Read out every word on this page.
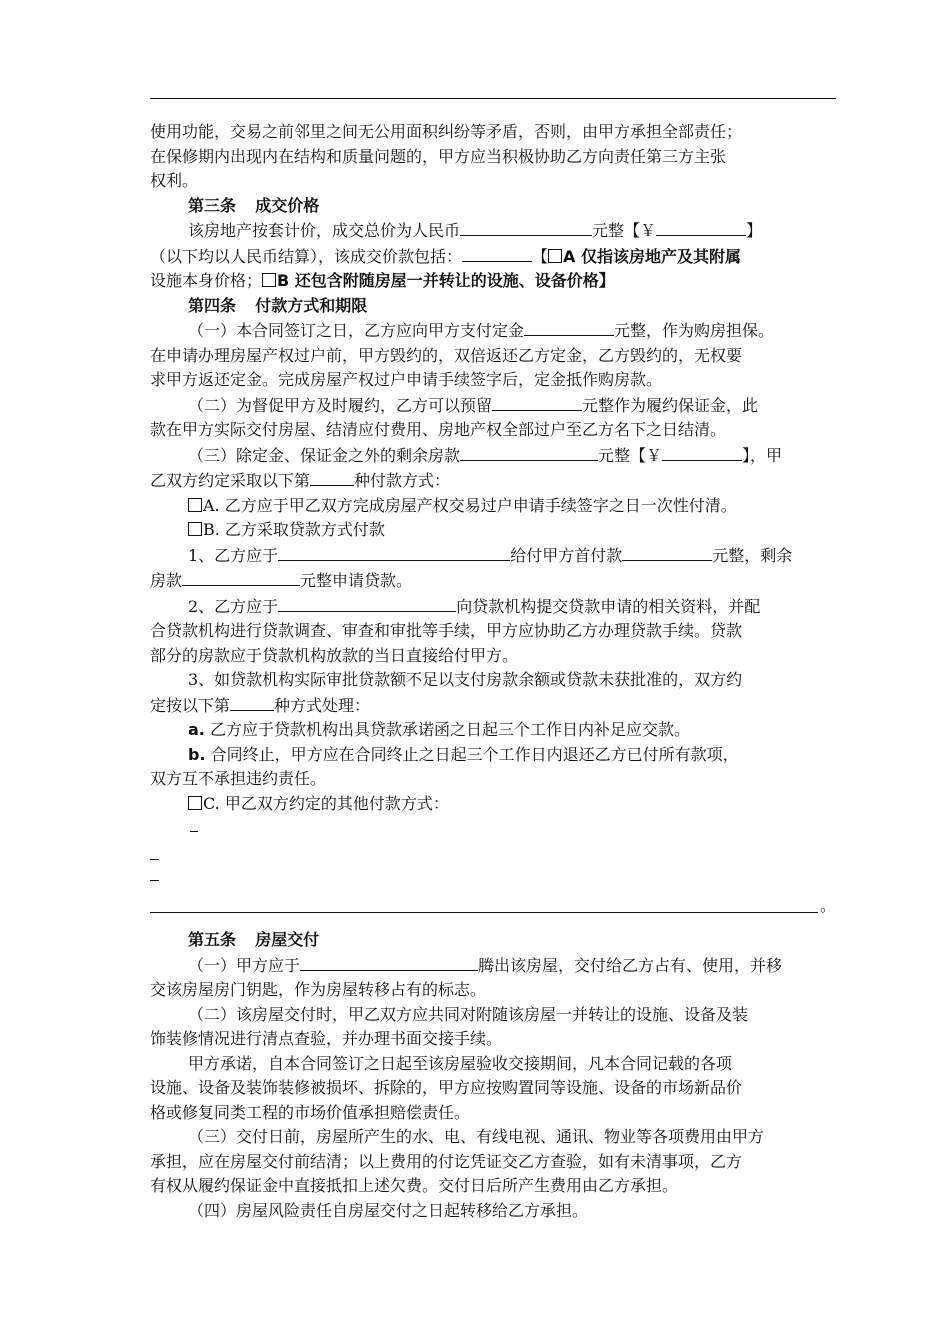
使用功能，交易之前邻里之间无公用面积纠纷等矛盾，否则，由甲方承担全部责任；

在保修期内出现内在结构和质量问题的，甲方应当积极协助乙方向责任第三方主张

权利。

第三条 成交价格

该房地产按套计价，成交总价为人民币	元整【￥	】

（以下均以人民币结算），该成交价款包括：	【 A 仅指该房地产及其附属

设施本身价格； B 还包含附随房屋一并转让的设施、设备价格】

第四条 付款方式和期限

（一）本合同签订之日，乙方应向甲方支付定金	元整，作为购房担保。

在申请办理房屋产权过户前，甲方毁约的，双倍返还乙方定金，乙方毁约的，无权要

求甲方返还定金。完成房屋产权过户申请手续签字后，定金抵作购房款。

（二）为督促甲方及时履约，乙方可以预留	元整作为履约保证金，此

款在甲方实际交付房屋、结清应付费用、房地产权全部过户至乙方名下之日结清。

（三）除定金、保证金之外的剩余房款	元整【￥	】，甲

乙双方约定采取以下第	种付款方式：

A. 乙方应于甲乙双方完成房屋产权交易过户申请手续签字之日一次性付清。

B. 乙方采取贷款方式付款

1、乙方应于	给付甲方首付款	元整，剩余

房款	元整申请贷款。

2、乙方应于	向贷款机构提交贷款申请的相关资料，并配

合贷款机构进行贷款调查、审查和审批等手续，甲方应协助乙方办理贷款手续。贷款

部分的房款应于贷款机构放款的当日直接给付甲方。

3、如贷款机构实际审批贷款额不足以支付房款余额或贷款未获批准的，双方约

定按以下第	种方式处理：

a. 乙方应于贷款机构出具贷款承诺函之日起三个工作日内补足应交款。

b. 合同终止，甲方应在合同终止之日起三个工作日内退还乙方已付所有款项，

双方互不承担违约责任。

C. 甲乙双方约定的其他付款方式：

。

第五条 房屋交付

（一）甲方应于	腾出该房屋，交付给乙方占有、使用，并移

交该房屋房门钥匙，作为房屋转移占有的标志。

（二）该房屋交付时，甲乙双方应共同对附随该房屋一并转让的设施、设备及装

饰装修情况进行清点查验，并办理书面交接手续。

甲方承诺，自本合同签订之日起至该房屋验收交接期间，凡本合同记载的各项

设施、设备及装饰装修被损坏、拆除的，甲方应按购置同等设施、设备的市场新品价

格或修复同类工程的市场价值承担赔偿责任。

（三）交付日前，房屋所产生的水、电、有线电视、通讯、物业等各项费用由甲方

承担，应在房屋交付前结清；以上费用的付讫凭证交乙方查验，如有未清事项，乙方

有权从履约保证金中直接抵扣上述欠费。交付日后所产生费用由乙方承担。

（四）房屋风险责任自房屋交付之日起转移给乙方承担。
